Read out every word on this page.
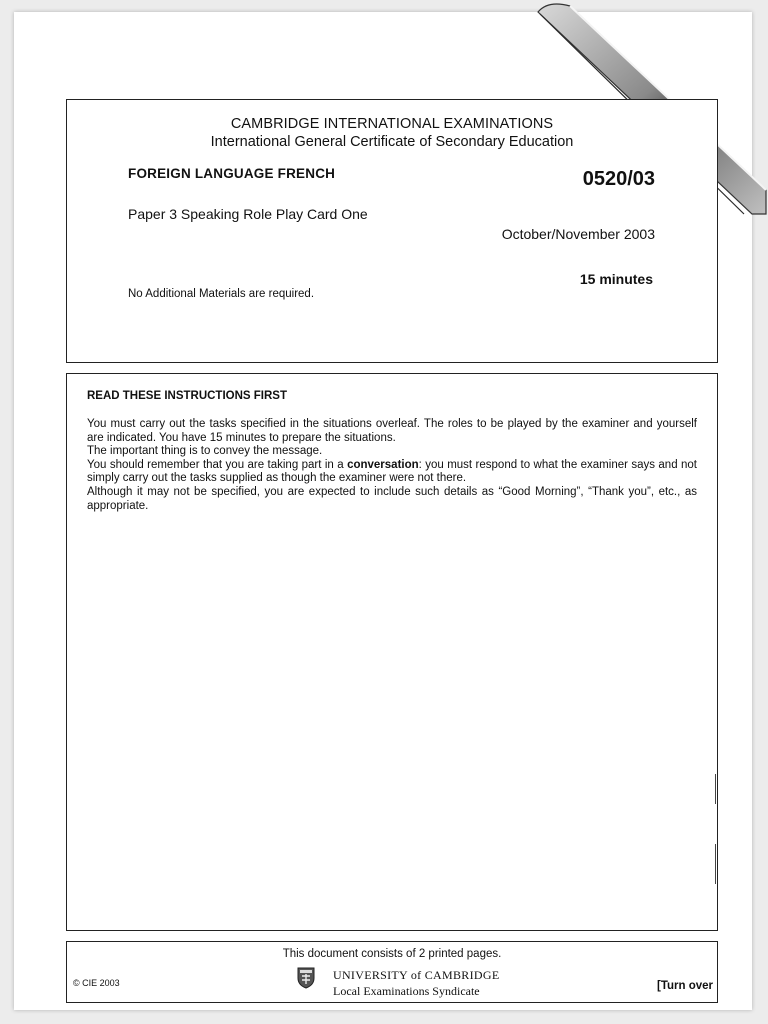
CAMBRIDGE INTERNATIONAL EXAMINATIONS
International General Certificate of Secondary Education
FOREIGN LANGUAGE FRENCH	0520/03
Paper 3 Speaking Role Play Card One
October/November 2003
15 minutes
No Additional Materials are required.
READ THESE INSTRUCTIONS FIRST

You must carry out the tasks specified in the situations overleaf. The roles to be played by the examiner and yourself are indicated. You have 15 minutes to prepare the situations.

The important thing is to convey the message.

You should remember that you are taking part in a conversation: you must respond to what the examiner says and not simply carry out the tasks supplied as though the examiner were not there.

Although it may not be specified, you are expected to include such details as “Good Morning”, “Thank you”, etc., as appropriate.

This document consists of 2 printed pages.
© CIE 2003
UNIVERSITY of CAMBRIDGE
Local Examinations Syndicate	[Turn over
